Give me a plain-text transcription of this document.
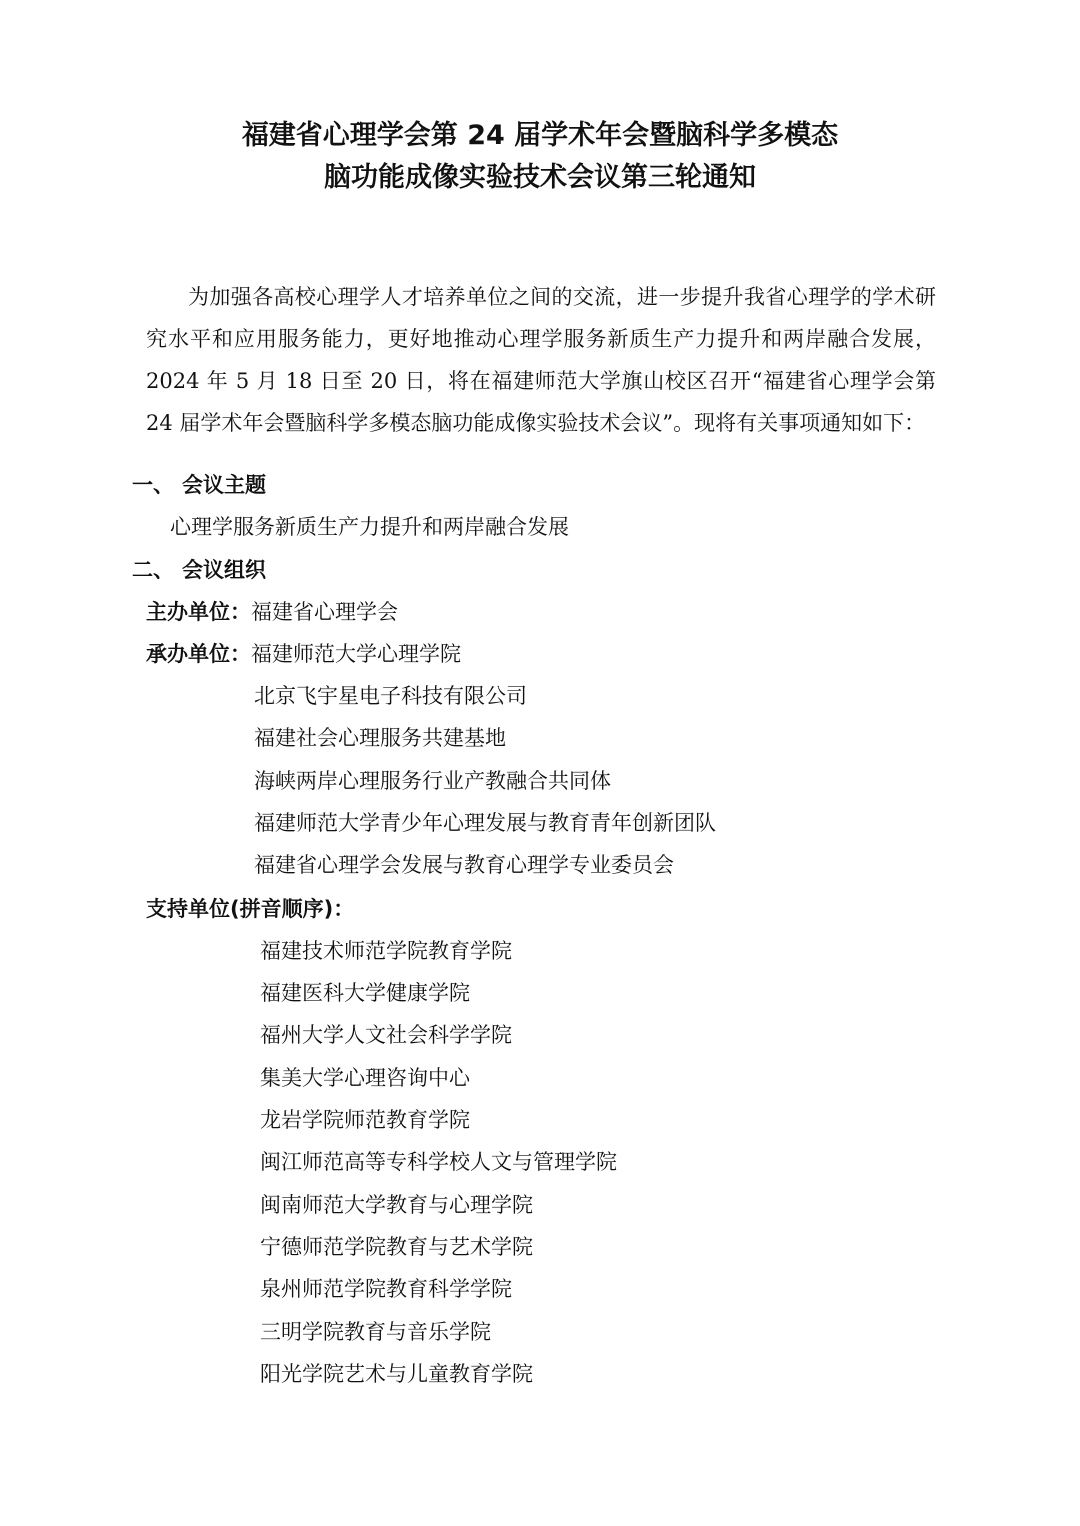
福建省心理学会第 24 届学术年会暨脑科学多模态
脑功能成像实验技术会议第三轮通知
为加强各高校心理学人才培养单位之间的交流，进一步提升我省心理学的学术研究水平和应用服务能力，更好地推动心理学服务新质生产力提升和两岸融合发展，2024 年 5 月 18 日至 20 日，将在福建师范大学旗山校区召开“福建省心理学会第 24 届学术年会暨脑科学多模态脑功能成像实验技术会议”。现将有关事项通知如下：
一、 会议主题
心理学服务新质生产力提升和两岸融合发展
二、 会议组织
主办单位：福建省心理学会
承办单位：福建师范大学心理学院
北京飞宇星电子科技有限公司
福建社会心理服务共建基地
海峡两岸心理服务行业产教融合共同体
福建师范大学青少年心理发展与教育青年创新团队
福建省心理学会发展与教育心理学专业委员会
支持单位(拼音顺序)：
福建技术师范学院教育学院
福建医科大学健康学院
福州大学人文社会科学学院
集美大学心理咨询中心
龙岩学院师范教育学院
闽江师范高等专科学校人文与管理学院
闽南师范大学教育与心理学院
宁德师范学院教育与艺术学院
泉州师范学院教育科学学院
三明学院教育与音乐学院
阳光学院艺术与儿童教育学院
